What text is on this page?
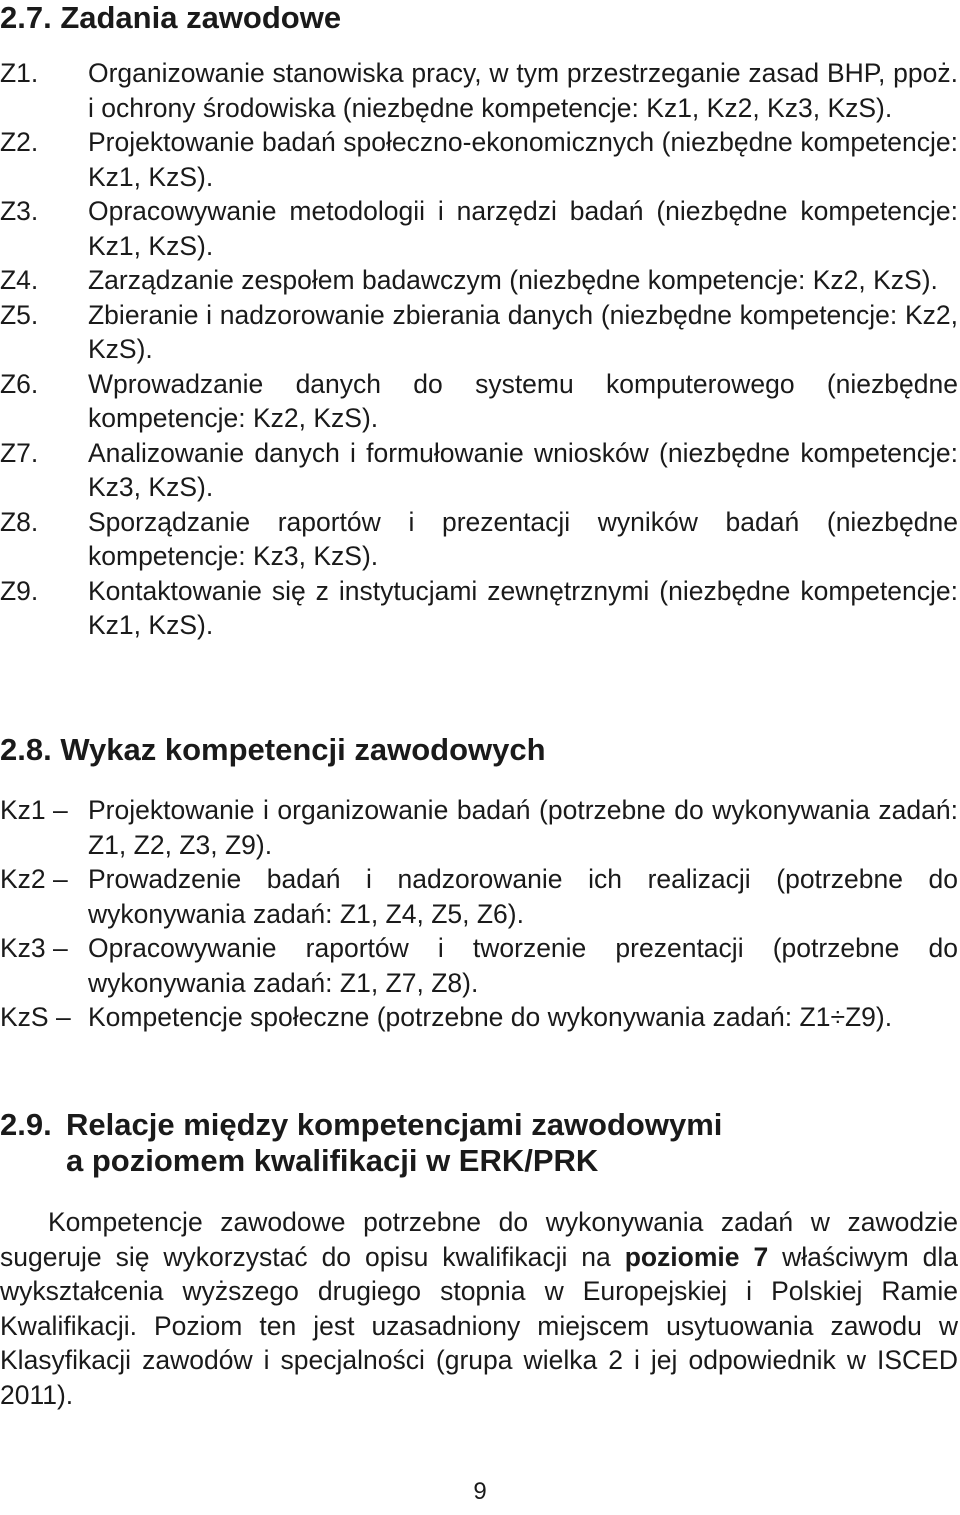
2.7. Zadania zawodowe
Z1.	Organizowanie stanowiska pracy, w tym przestrzeganie zasad BHP, ppoż. i ochrony środowiska (niezbędne kompetencje: Kz1, Kz2, Kz3, KzS).
Z2.	Projektowanie badań społeczno-ekonomicznych (niezbędne kompetencje: Kz1, KzS).
Z3.	Opracowywanie metodologii i narzędzi badań (niezbędne kompetencje: Kz1, KzS).
Z4.	Zarządzanie zespołem badawczym (niezbędne kompetencje: Kz2, KzS).
Z5.	Zbieranie i nadzorowanie zbierania danych (niezbędne kompetencje: Kz2, KzS).
Z6.	Wprowadzanie danych do systemu komputerowego (niezbędne kompetencje: Kz2, KzS).
Z7.	Analizowanie danych i formułowanie wniosków (niezbędne kompetencje: Kz3, KzS).
Z8.	Sporządzanie raportów i prezentacji wyników badań (niezbędne kompetencje: Kz3, KzS).
Z9.	Kontaktowanie się z instytucjami zewnętrznymi (niezbędne kompetencje: Kz1, KzS).
2.8. Wykaz kompetencji zawodowych
Kz1 – Projektowanie i organizowanie badań (potrzebne do wykonywania zadań: Z1, Z2, Z3, Z9).
Kz2 – Prowadzenie badań i nadzorowanie ich realizacji (potrzebne do wykonywania zadań: Z1, Z4, Z5, Z6).
Kz3 – Opracowywanie raportów i tworzenie prezentacji (potrzebne do wykonywania zadań: Z1, Z7, Z8).
KzS – Kompetencje społeczne (potrzebne do wykonywania zadań: Z1÷Z9).
2.9. Relacje między kompetencjami zawodowymi
a poziomem kwalifikacji w ERK/PRK

Kompetencje zawodowe potrzebne do wykonywania zadań w zawodzie sugeruje się wykorzystać do opisu kwalifikacji na poziomie 7 właściwym dla wykształcenia wyższego drugiego stopnia w Europejskiej i Polskiej Ramie Kwalifikacji. Poziom ten jest uzasadniony miejscem usytuowania zawodu w Klasyfikacji zawodów i specjalności (grupa wielka 2 i jej odpowiednik w ISCED 2011).

9
